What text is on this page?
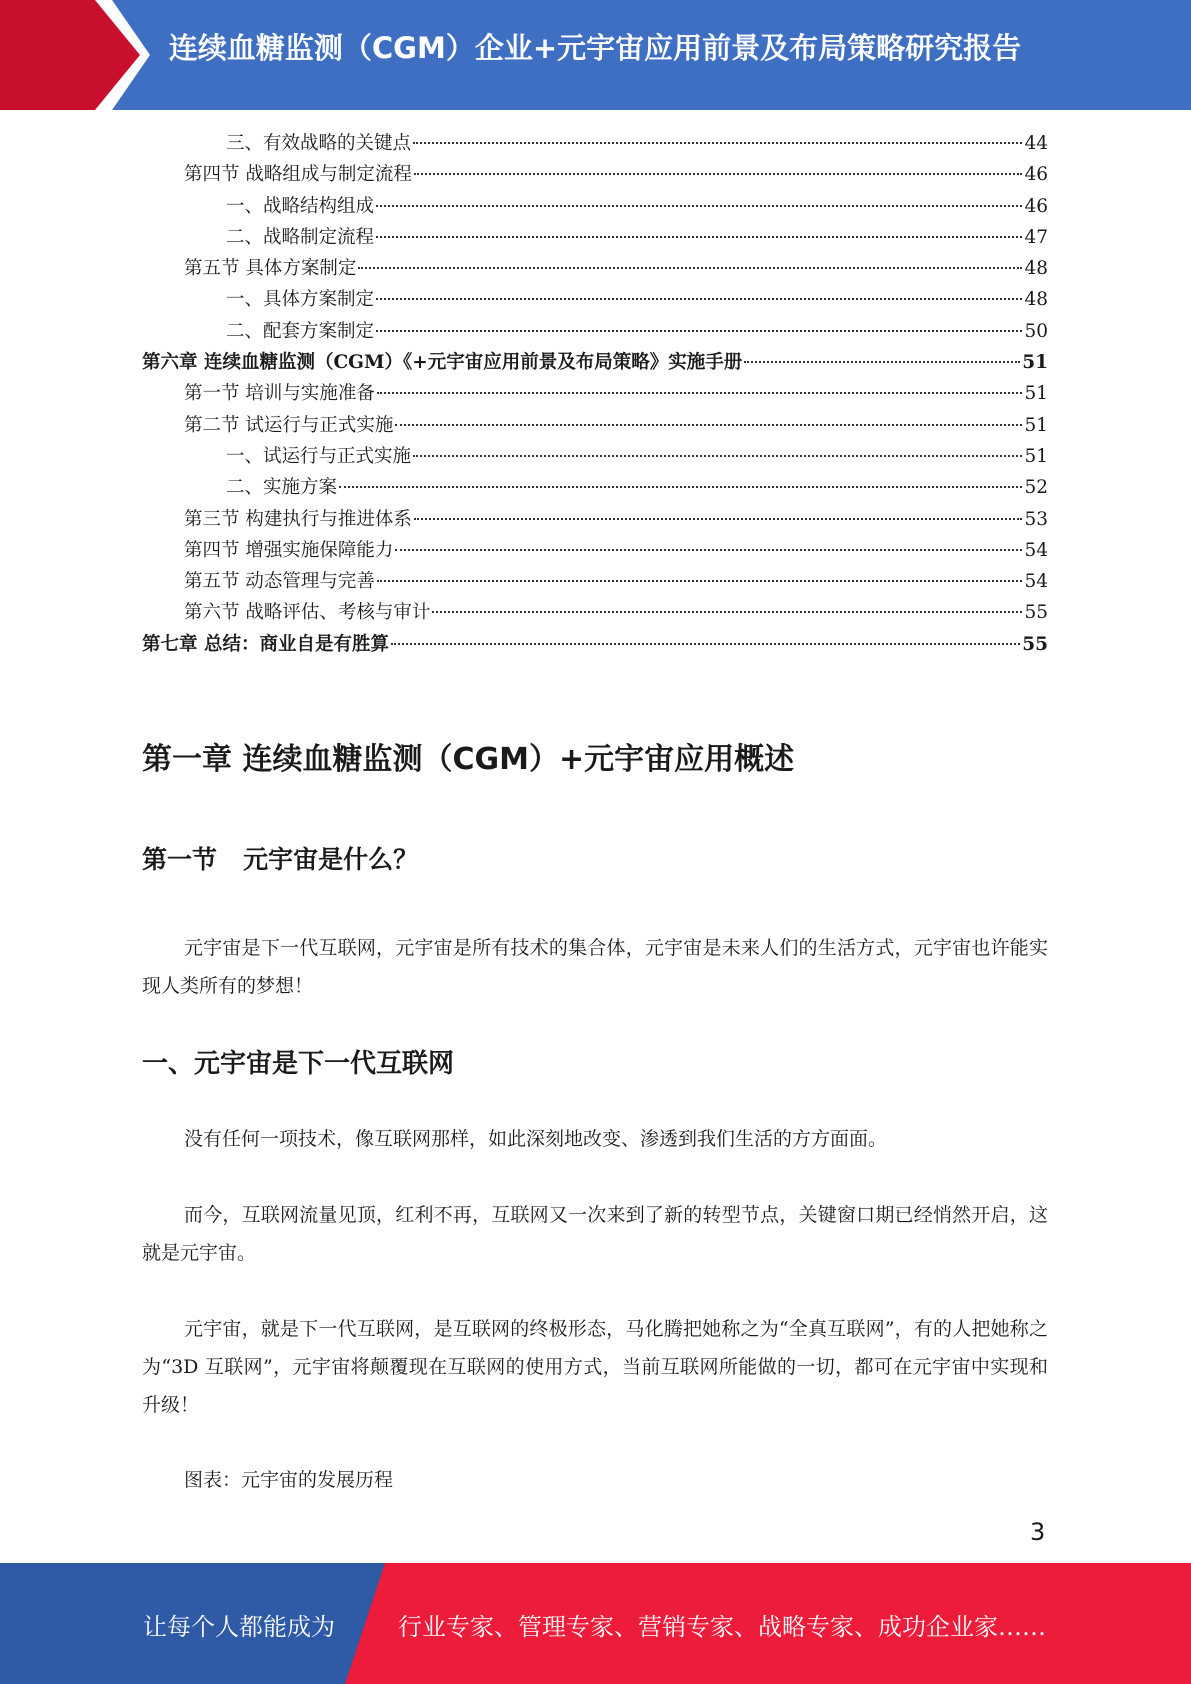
连续血糖监测（CGM）企业+元宇宙应用前景及布局策略研究报告
三、有效战略的关键点	44
第四节 战略组成与制定流程	46
一、战略结构组成	46
二、战略制定流程	47
第五节 具体方案制定	48
一、具体方案制定	48
二、配套方案制定	50
第六章 连续血糖监测（CGM）《+元宇宙应用前景及布局策略》实施手册	51
第一节 培训与实施准备	51
第二节 试运行与正式实施	51
一、试运行与正式实施	51
二、实施方案	52
第三节 构建执行与推进体系	53
第四节 增强实施保障能力	54
第五节 动态管理与完善	54
第六节 战略评估、考核与审计	55
第七章 总结：商业自是有胜算	55
第一章 连续血糖监测（CGM）+元宇宙应用概述
第一节   元宇宙是什么？

元宇宙是下一代互联网，元宇宙是所有技术的集合体，元宇宙是未来人们的生活方式，元宇宙也许能实现人类所有的梦想！

一、元宇宙是下一代互联网

没有任何一项技术，像互联网那样，如此深刻地改变、渗透到我们生活的方方面面。

而今，互联网流量见顶，红利不再，互联网又一次来到了新的转型节点，关键窗口期已经悄然开启，这就是元宇宙。

元宇宙，就是下一代互联网，是互联网的终极形态，马化腾把她称之为“全真互联网”，有的人把她称之为“3D 互联网”，元宇宙将颠覆现在互联网的使用方式，当前互联网所能做的一切，都可在元宇宙中实现和升级！

图表：元宇宙的发展历程

3
让每个人都能成为	行业专家、管理专家、营销专家、战略专家、成功企业家……
